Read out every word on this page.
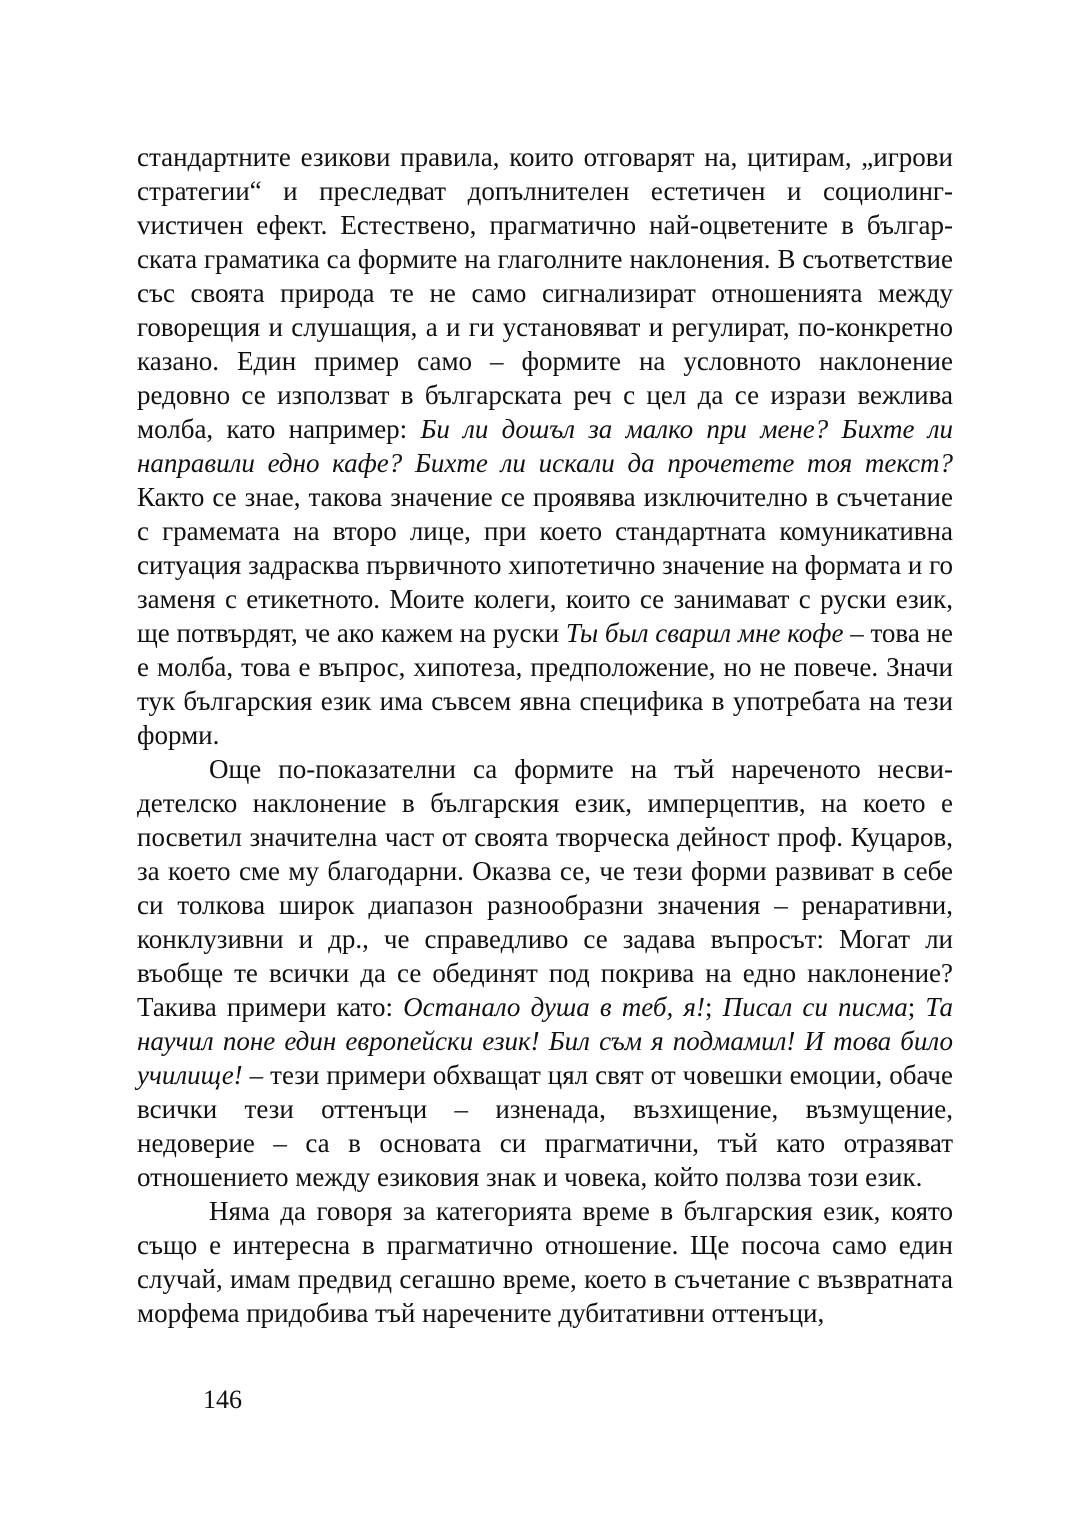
стандартните езикови правила, които отговарят на, цитирам, „игрови стратегии“ и преследват допълнителен естетичен и социолингvистичен ефект. Естествено, прагматично най-оцветените в българската граматика са формите на глаголните наклонения. В съответствие със своята природа те не само сигнализират отношенията между говорещия и слушащия, а и ги установяват и регулират, по-конкретно казано. Един пример само – формите на условното наклонение редовно се използват в българската реч с цел да се изрази вежлива молба, като например: Би ли дошъл за малко при мене? Бихте ли направили едно кафе? Бихте ли искали да прочетете тоя текст? Както се знае, такова значение се проявява изключително в съчетание с грамемата на второ лице, при което стандартната комуникативна ситуация задрасква първичното хипотетично значение на формата и го заменя с етикетното. Моите колеги, които се занимават с руски език, ще потвърдят, че ако кажем на руски Ты был сварил мне кофе – това не е молба, това е въпрос, хипотеза, предположение, но не повече. Значи тук българския език има съвсем явна специфика в употребата на тези форми.

Още по-показателни са формите на тъй нареченото несвидетелско наклонение в българския език, имперцептив, на което е посветил значителна част от своята творческа дейност проф. Куцаров, за което сме му благодарни. Оказва се, че тези форми развиват в себе си толкова широк диапазон разнообразни значения – ренаративни, конклузивни и др., че справедливо се задава въпросът: Могат ли въобще те всички да се обединят под покрива на едно наклонение? Такива примери като: Останало душа в теб, я!; Писал си писма; Та научил поне един европейски език! Бил съм я подмамил! И това било училище! – тези примери обхващат цял свят от човешки емоции, обаче всички тези оттенъци – изненада, възхищение, възмущение, недоверие – са в основата си прагматични, тъй като отразяват отношението между езиковия знак и човека, който ползва този език.

Няма да говоря за категорията време в българския език, която също е интересна в прагматично отношение. Ще посоча само един случай, имам предвид сегашно време, което в съчетание с възвратната морфема придобива тъй наречените дубитативни оттенъци,

146
